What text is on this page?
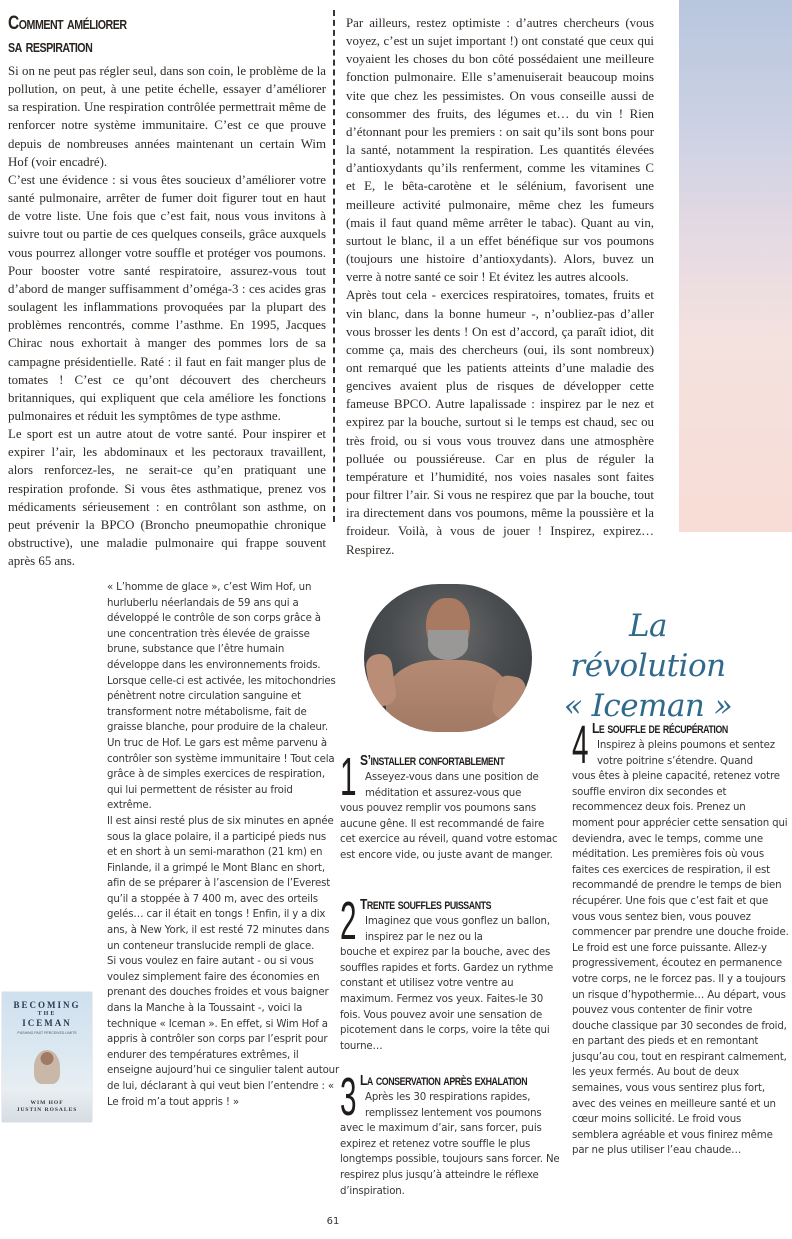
Comment améliorer
sa respiration

Si on ne peut pas régler seul, dans son coin, le problème de la pollution, on peut, à une petite échelle, essayer d’améliorer sa respiration. Une respiration contrôlée permettrait même de renforcer notre système immunitaire. C’est ce que prouve depuis de nombreuses années maintenant un certain Wim Hof (voir encadré).

C’est une évidence : si vous êtes soucieux d’améliorer votre santé pulmonaire, arrêter de fumer doit figurer tout en haut de votre liste. Une fois que c’est fait, nous vous invitons à suivre tout ou partie de ces quelques conseils, grâce auxquels vous pourrez allonger votre souffle et protéger vos poumons. Pour booster votre santé respiratoire, assurez-vous tout d’abord de manger suffisamment d’oméga-3 : ces acides gras soulagent les inflammations provoquées par la plupart des problèmes rencontrés, comme l’asthme. En 1995, Jacques Chirac nous exhortait à manger des pommes lors de sa campagne présidentielle. Raté : il faut en fait manger plus de tomates ! C’est ce qu’ont découvert des chercheurs britanniques, qui expliquent que cela améliore les fonctions pulmonaires et réduit les symptômes de type asthme.

Le sport est un autre atout de votre santé. Pour inspirer et expirer l’air, les abdominaux et les pectoraux travaillent, alors renforcez-les, ne serait-ce qu’en pratiquant une respiration profonde. Si vous êtes asthmatique, prenez vos médicaments sérieusement : en contrôlant son asthme, on peut prévenir la BPCO (Broncho pneumopathie chronique obstructive), une maladie pulmonaire qui frappe souvent après 65 ans.

Par ailleurs, restez optimiste : d’autres chercheurs (vous voyez, c’est un sujet important !) ont constaté que ceux qui voyaient les choses du bon côté possédaient une meilleure fonction pulmonaire. Elle s’amenuiserait beaucoup moins vite que chez les pessimistes. On vous conseille aussi de consommer des fruits, des légumes et… du vin ! Rien d’étonnant pour les premiers : on sait qu’ils sont bons pour la santé, notamment la respiration. Les quantités élevées d’antioxydants qu’ils renferment, comme les vitamines C et E, le bêta-carotène et le sélénium, favorisent une meilleure activité pulmonaire, même chez les fumeurs (mais il faut quand même arrêter le tabac). Quant au vin, surtout le blanc, il a un effet bénéfique sur vos poumons (toujours une histoire d’antioxydants). Alors, buvez un verre à notre santé ce soir ! Et évitez les autres alcools.

Après tout cela - exercices respiratoires, tomates, fruits et vin blanc, dans la bonne humeur -, n’oubliez-pas d’aller vous brosser les dents ! On est d’accord, ça paraît idiot, dit comme ça, mais des chercheurs (oui, ils sont nombreux) ont remarqué que les patients atteints d’une maladie des gencives avaient plus de risques de développer cette fameuse BPCO. Autre lapalissade : inspirez par le nez et expirez par la bouche, surtout si le temps est chaud, sec ou très froid, ou si vous vous trouvez dans une atmosphère polluée ou poussiéreuse. Car en plus de réguler la température et l’humidité, nos voies nasales sont faites pour filtrer l’air. Si vous ne respirez que par la bouche, tout ira directement dans vos poumons, même la poussière et la froideur. Voilà, à vous de jouer ! Inspirez, expirez… Respirez.

« L’homme de glace », c’est Wim Hof, un hurluberlu néerlandais de 59 ans qui a développé le contrôle de son corps grâce à une concentration très élevée de graisse brune, substance que l’être humain développe dans les environnements froids. Lorsque celle-ci est activée, les mitochondries pénètrent notre circulation sanguine et transforment notre métabolisme, fait de graisse blanche, pour produire de la chaleur. Un truc de Hof. Le gars est même parvenu à contrôler son système immunitaire ! Tout cela grâce à de simples exercices de respiration, qui lui permettent de résister au froid extrême.

Il est ainsi resté plus de six minutes en apnée sous la glace polaire, il a participé pieds nus et en short à un semi-marathon (21 km) en Finlande, il a grimpé le Mont Blanc en short, afin de se préparer à l’ascension de l’Everest qu’il a stoppée à 7 400 m, avec des orteils gelés… car il était en tongs ! Enfin, il y a dix ans, à New York, il est resté 72 minutes dans un conteneur translucide rempli de glace.

Si vous voulez en faire autant - ou si vous voulez simplement faire des économies en prenant des douches froides et vous baigner dans la Manche à la Toussaint -, voici la technique « Iceman ». En effet, si Wim Hof a appris à contrôler son corps par l’esprit pour endurer des températures extrêmes, il enseigne aujourd’hui ce singulier talent autour de lui, déclarant à qui veut bien l’entendre : « Le froid m’a tout appris ! »

La révolution
« Iceman »
1 S’installer confortablement
Asseyez-vous dans une position de méditation et assurez-vous que
vous pouvez remplir vos poumons sans aucune gêne. Il est recommandé de faire cet exercice au réveil, quand votre estomac est encore vide, ou juste avant de manger.
2 Trente souffles puissants
Imaginez que vous gonflez un ballon, inspirez par le nez ou la
bouche et expirez par la bouche, avec des souffles rapides et forts. Gardez un rythme constant et utilisez votre ventre au maximum. Fermez vos yeux. Faites-le 30 fois. Vous pouvez avoir une sensation de picotement dans le corps, voire la tête qui tourne…
3 La conservation après exhalation
Après les 30 respirations rapides, remplissez lentement vos poumons
avec le maximum d’air, sans forcer, puis expirez et retenez votre souffle le plus longtemps possible, toujours sans forcer. Ne respirez plus jusqu’à atteindre le réflexe d’inspiration.
4 Le souffle de récupération
Inspirez à pleins poumons et sentez votre poitrine s’étendre. Quand
vous êtes à pleine capacité, retenez votre souffle environ dix secondes et recommencez deux fois. Prenez un moment pour apprécier cette sensation qui deviendra, avec le temps, comme une méditation. Les premières fois où vous faites ces exercices de respiration, il est recommandé de prendre le temps de bien récupérer. Une fois que c’est fait et que vous vous sentez bien, vous pouvez commencer par prendre une douche froide.
Le froid est une force puissante. Allez-y progressivement, écoutez en permanence votre corps, ne le forcez pas. Il y a toujours un risque d’hypothermie… Au départ, vous pouvez vous contenter de finir votre douche classique par 30 secondes de froid, en partant des pieds et en remontant jusqu’au cou, tout en respirant calmement, les yeux fermés. Au bout de deux semaines, vous vous sentirez plus fort, avec des veines en meilleure santé et un cœur moins sollicité. Le froid vous semblera agréable et vous finirez même par ne plus utiliser l’eau chaude…
BECOMING
THE
ICEMAN
PUSHING PAST PERCEIVED LIMITS
WIM HOF
JUSTIN ROSALES
61
